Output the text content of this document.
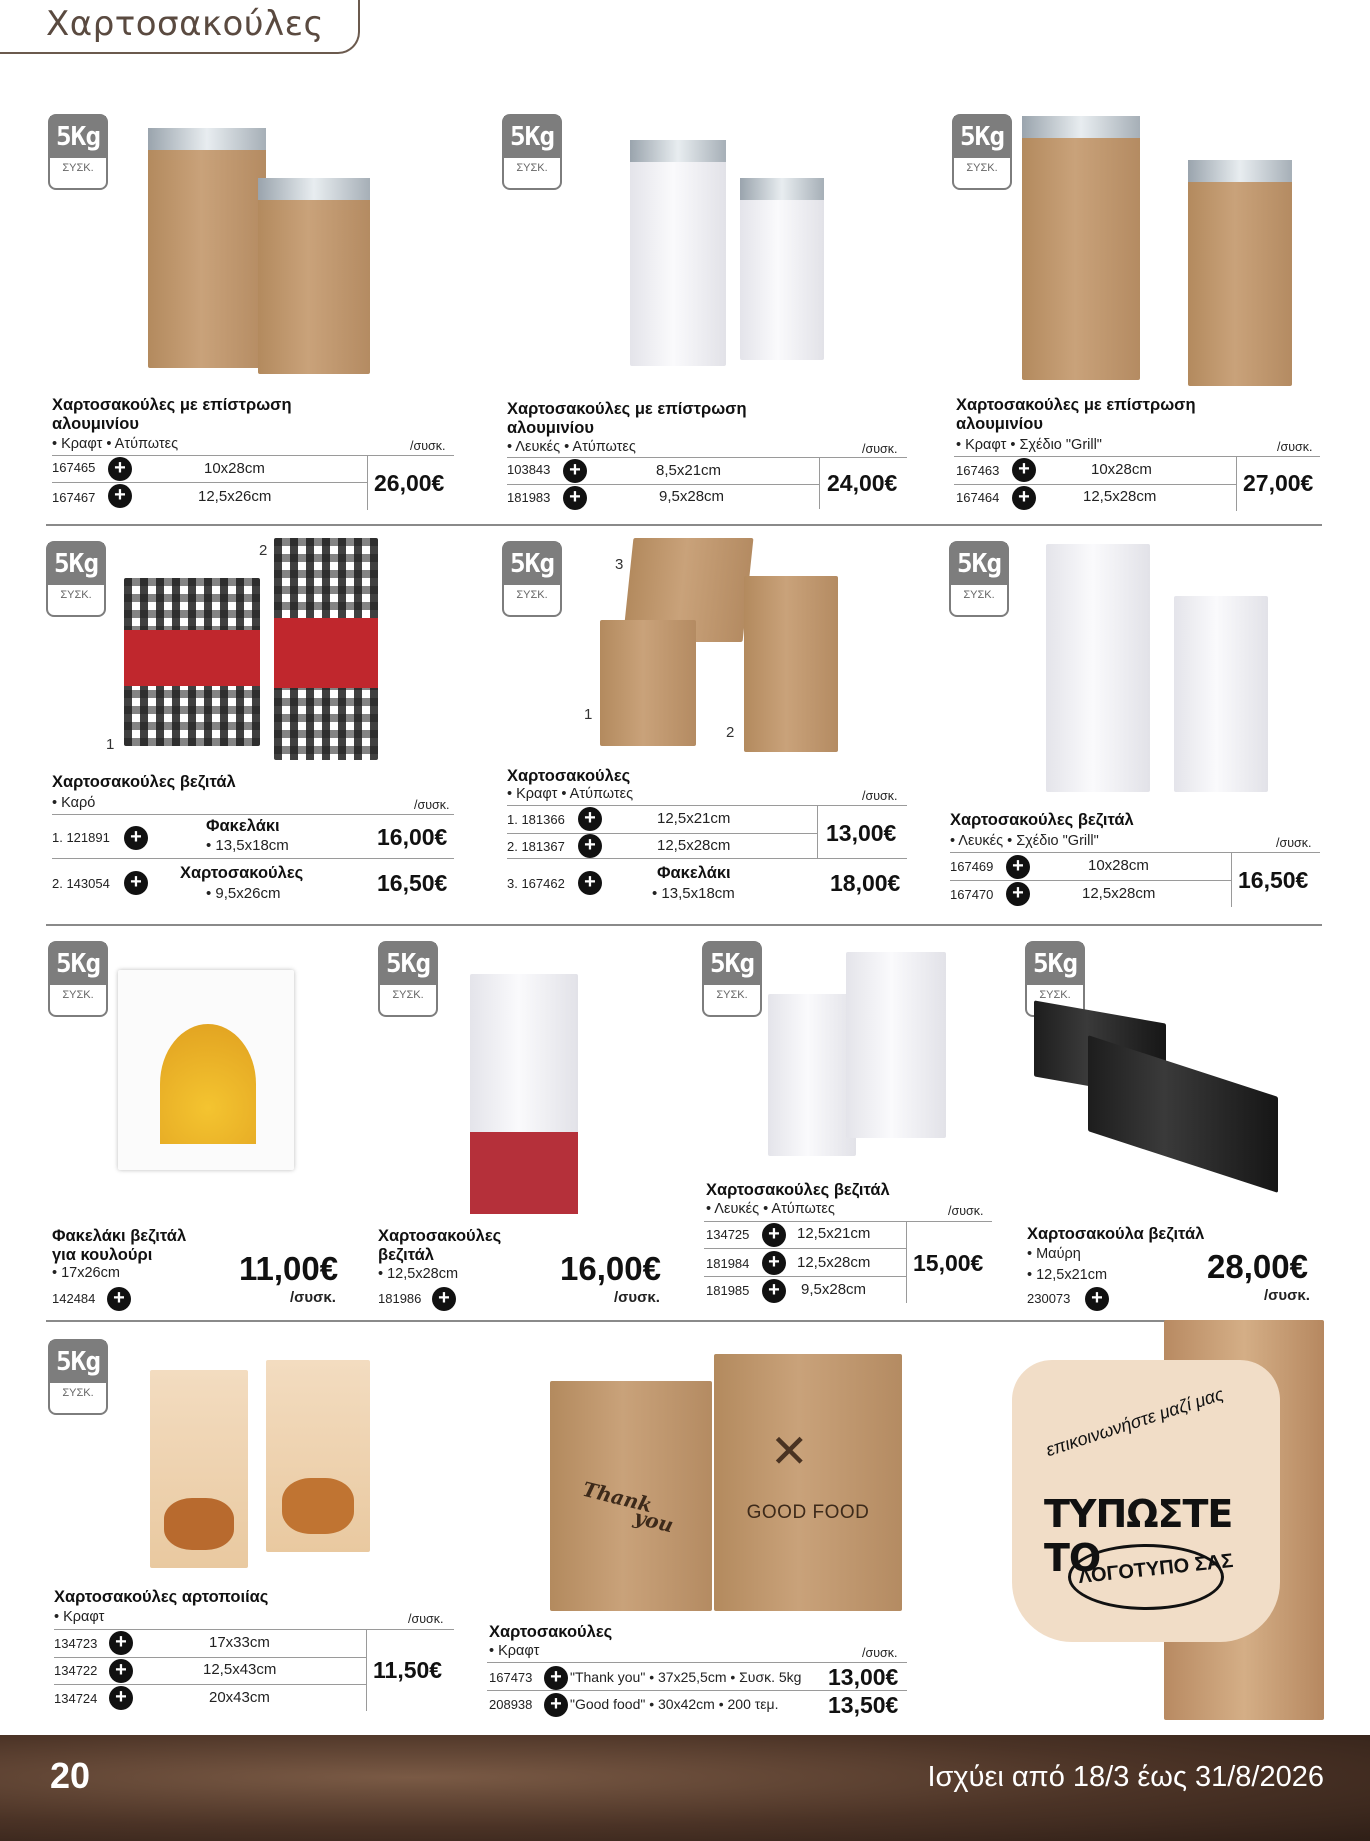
Χαρτοσακούλες
5Kg
ΣΥΣΚ.
Χαρτοσακούλες με επίστρωση
αλουμινίου
• Κραφτ • Ατύπωτες	/συσκ.
167465 +	10x28cm
167467 +	12,5x26cm
26,00€
5Kg
ΣΥΣΚ.
Χαρτοσακούλες με επίστρωση
αλουμινίου
• Λευκές • Ατύπωτες	/συσκ.
103843 +	8,5x21cm
181983 +	9,5x28cm
24,00€
5Kg
ΣΥΣΚ.
Χαρτοσακούλες με επίστρωση
αλουμινίου
• Κραφτ • Σχέδιο "Grill"	/συσκ.
167463 +	10x28cm
167464 +	12,5x28cm
27,00€
5Kg
ΣΥΣΚ.
1
2
Χαρτοσακούλες βεζιτάλ
• Καρό	/συσκ.
1. 121891	+	Φακελάκι
• 13,5x18cm	16,00€
2. 143054	+	Χαρτοσακούλες
• 9,5x26cm	16,50€
5Kg
ΣΥΣΚ.
1
2
3
Χαρτοσακούλες
• Κραφτ • Ατύπωτες	/συσκ.
1. 181366 +	12,5x21cm
2. 181367 +	12,5x28cm	13,00€
3. 167462 +	Φακελάκι
• 13,5x18cm	18,00€
5Kg
ΣΥΣΚ.
Χαρτοσακούλες βεζιτάλ
• Λευκές • Σχέδιο "Grill"	/συσκ.
167469 +	10x28cm
167470 +	12,5x28cm
16,50€
5Kg
ΣΥΣΚ.
Φακελάκι βεζιτάλ
για κουλούρι
• 17x26cm
142484 +
11,00€
/συσκ.
5Kg
ΣΥΣΚ.
Χαρτοσακούλες
βεζιτάλ
• 12,5x28cm
181986 +
16,00€
/συσκ.
5Kg
ΣΥΣΚ.
Χαρτοσακούλες βεζιτάλ
• Λευκές • Ατύπωτες	/συσκ.
134725 +	12,5x21cm
181984 +	12,5x28cm
181985 +	9,5x28cm
15,00€
5Kg
ΣΥΣΚ.
Χαρτοσακούλα βεζιτάλ
• Μαύρη
• 12,5x21cm
230073	+
28,00€
/συσκ.
5Kg
ΣΥΣΚ.
Χαρτοσακούλες αρτοποιίας
• Κραφτ	/συσκ.
134723 +	17x33cm
134722 +	12,5x43cm
134724 +	20x43cm
11,50€
Thank
you
✕
GOOD FOOD
Χαρτοσακούλες
• Κραφτ	/συσκ.
167473 + "Thank you" • 37x25,5cm • Συσκ. 5kg 13,00€
208938 + "Good food" • 30x42cm • 200 τεμ. 13,50€
επικοινωνήστε μαζί μας
ΤΥΠΩΣΤΕ ΤΟ
ΛΟΓΟΤΥΠΟ ΣΑΣ
20	Ισχύει από 18/3 έως 31/8/2026
